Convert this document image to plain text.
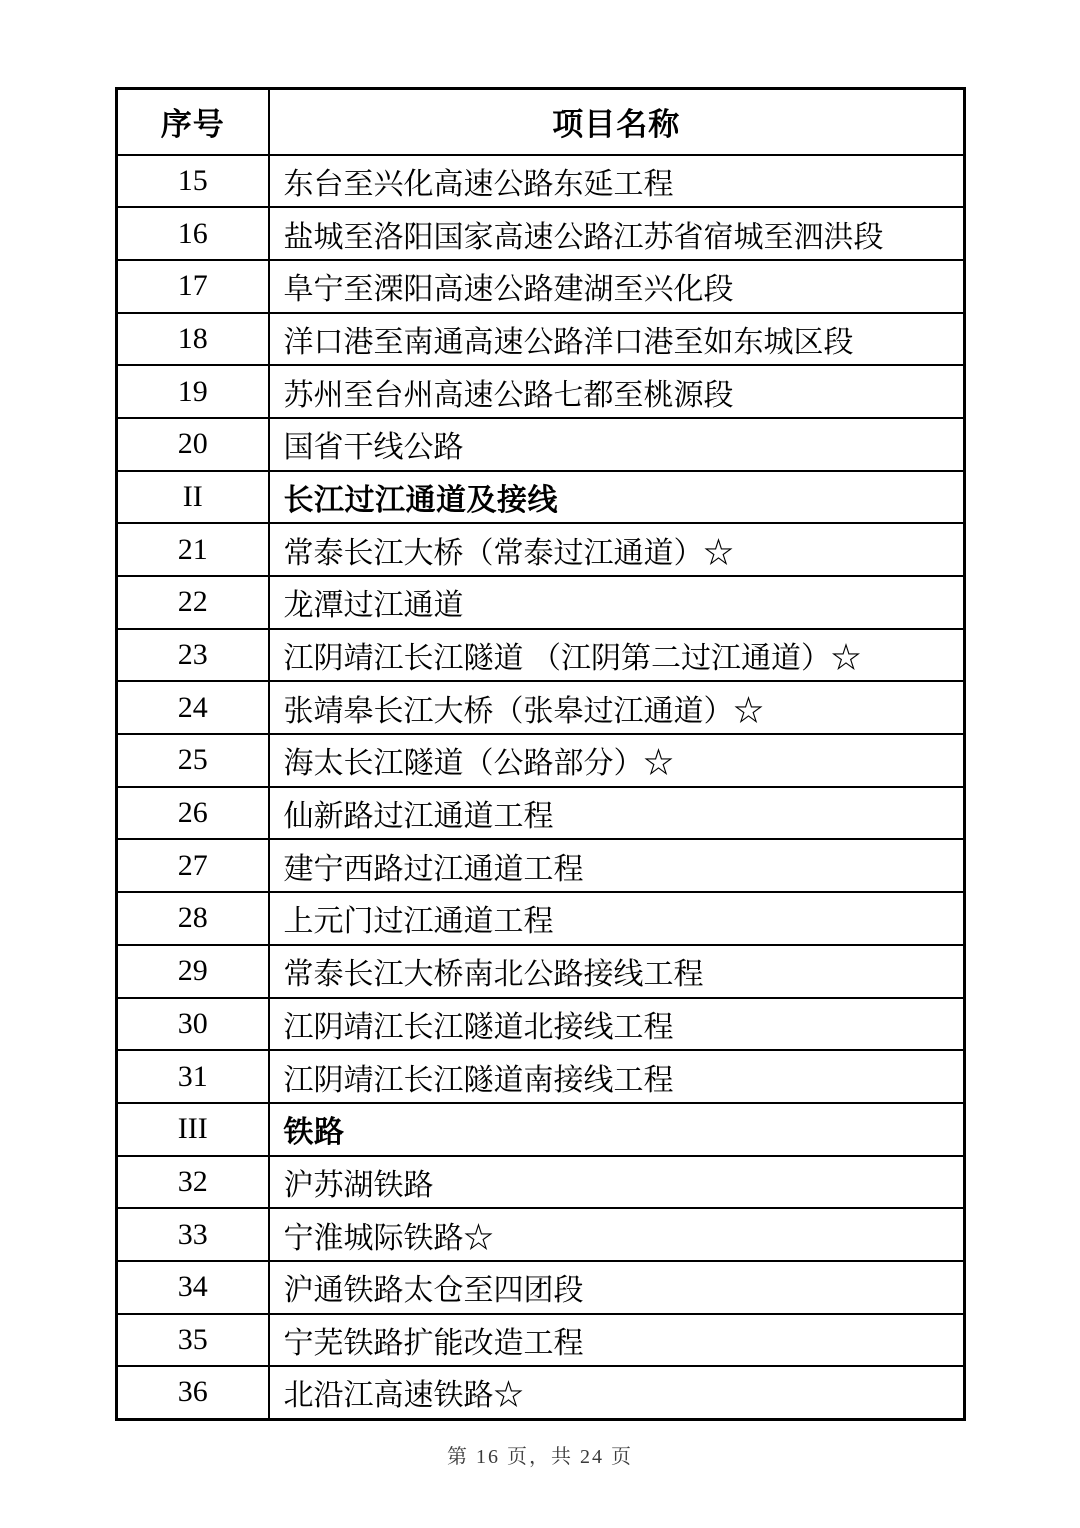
序号	项目名称
15	东台至兴化高速公路东延工程
16	盐城至洛阳国家高速公路江苏省宿城至泗洪段
17	阜宁至溧阳高速公路建湖至兴化段
18	洋口港至南通高速公路洋口港至如东城区段
19	苏州至台州高速公路七都至桃源段
20	国省干线公路
II	长江过江通道及接线
21	常泰长江大桥（常泰过江通道）☆
22	龙潭过江通道
23	江阴靖江长江隧道 （江阴第二过江通道）☆
24	张靖皋长江大桥（张皋过江通道）☆
25	海太长江隧道（公路部分）☆
26	仙新路过江通道工程
27	建宁西路过江通道工程
28	上元门过江通道工程
29	常泰长江大桥南北公路接线工程
30	江阴靖江长江隧道北接线工程
31	江阴靖江长江隧道南接线工程
III	铁路
32	沪苏湖铁路
33	宁淮城际铁路☆
34	沪通铁路太仓至四团段
35	宁芜铁路扩能改造工程
36	北沿江高速铁路☆
第 16 页，共 24 页
